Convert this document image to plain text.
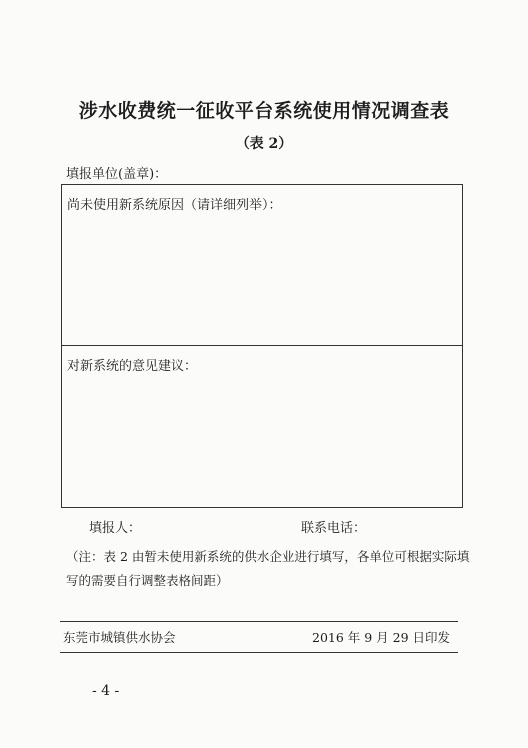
涉水收费统一征收平台系统使用情况调查表
（表 2）
填报单位(盖章)：
尚未使用新系统原因（请详细列举）：
对新系统的意见建议：
填报人：	联系电话：
（注：表 2 由暂未使用新系统的供水企业进行填写，各单位可根据实际填写的需要自行调整表格间距）
东莞市城镇供水协会	2016 年 9 月 29 日印发
- 4 -
